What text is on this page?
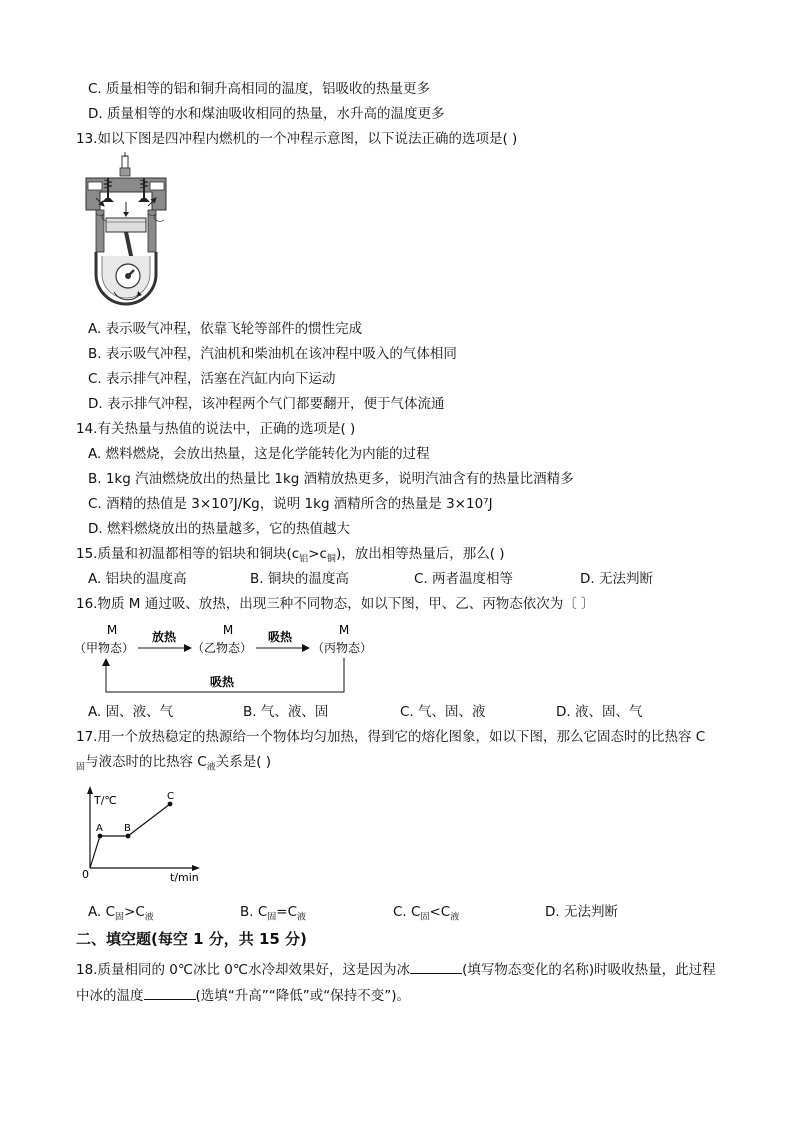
C. 质量相等的铝和铜升高相同的温度，铝吸收的热量更多
D. 质量相等的水和煤油吸收相同的热量，水升高的温度更多
13.如以下图是四冲程内燃机的一个冲程示意图，以下说法正确的选项是( )
A. 表示吸气冲程，依靠飞轮等部件的惯性完成
B. 表示吸气冲程，汽油机和柴油机在该冲程中吸入的气体相同
C. 表示排气冲程，活塞在汽缸内向下运动
D. 表示排气冲程，该冲程两个气门都要翻开，便于气体流通
14.有关热量与热值的说法中，正确的选项是( )
A. 燃料燃烧，会放出热量，这是化学能转化为内能的过程
B. 1kg 汽油燃烧放出的热量比 1kg 酒精放热更多，说明汽油含有的热量比酒精多
C. 酒精的热值是 3×10⁷J/Kg，说明 1kg 酒精所含的热量是 3×10⁷J
D. 燃料燃烧放出的热量越多，它的热值越大
15.质量和初温都相等的铝块和铜块$(c_铝>c_铜)$，放出相等热量后，那么( )
A. 铝块的温度高	B. 铜块的温度高	C. 两者温度相等	D. 无法判断
16.物质 M 通过吸、放热，出现三种不同物态，如以下图，甲、乙、丙物态依次为〔 〕
M
（甲物态）
M
（乙物态）
M
（丙物态）
放热	吸热
吸热
A. 固、液、气	B. 气、液、固	C. 气、固、液	D. 液、固、气
17.用一个放热稳定的热源给一个物体均匀加热，得到它的熔化图象，如以下图，那么它固态时的比热容 C
$_固$与液态时的比热容 $C_液$关系是( )
T/℃
t/min
0
A B
C
A. $C_固>C_液$	B. $C_固=C_液$	C. $C_固<C_液$	D. 无法判断
二、填空题(每空 1 分，共 15 分)
18.质量相同的 0℃冰比 0℃水冷却效果好，这是因为冰	(填写物态变化的名称)时吸收热量，此过程
中冰的温度	(选填“升高”“降低”或“保持不变”)。
